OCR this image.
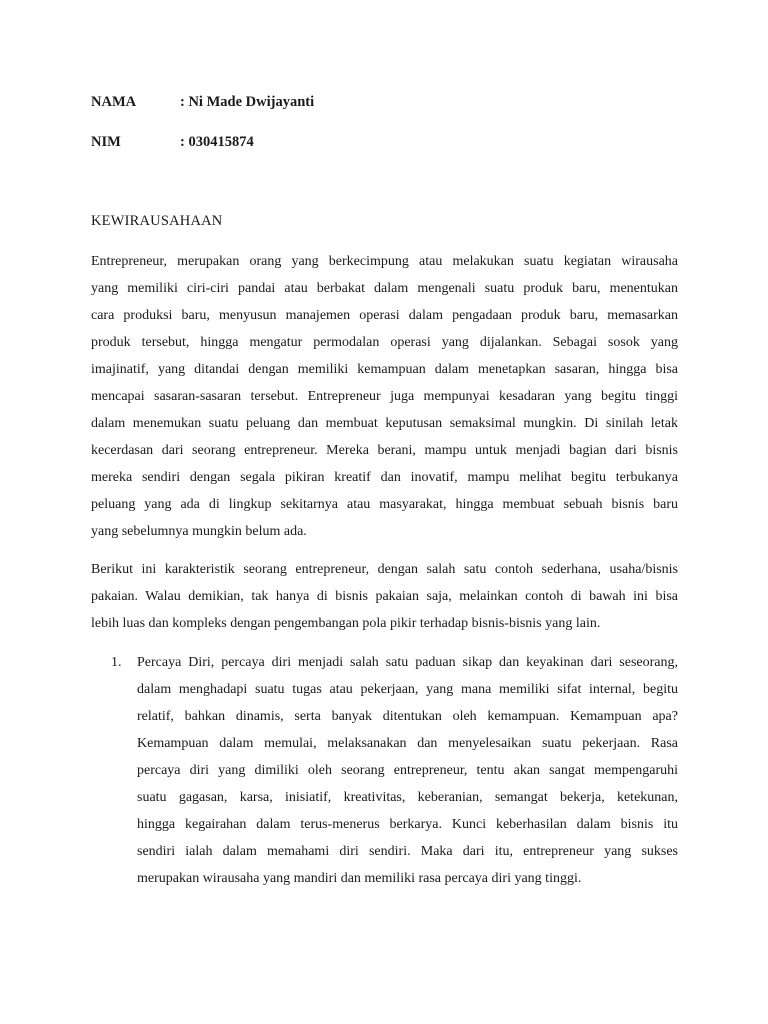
NAMA	: Ni Made Dwijayanti
NIM	: 030415874
KEWIRAUSAHAAN

Entrepreneur, merupakan orang yang berkecimpung atau melakukan suatu kegiatan wirausaha
yang memiliki ciri-ciri pandai atau berbakat dalam mengenali suatu produk baru, menentukan
cara produksi baru, menyusun manajemen operasi dalam pengadaan produk baru, memasarkan
produk tersebut, hingga mengatur permodalan operasi yang dijalankan. Sebagai sosok yang
imajinatif, yang ditandai dengan memiliki kemampuan dalam menetapkan sasaran, hingga bisa
mencapai sasaran-sasaran tersebut. Entrepreneur juga mempunyai kesadaran yang begitu tinggi
dalam menemukan suatu peluang dan membuat keputusan semaksimal mungkin. Di sinilah letak
kecerdasan dari seorang entrepreneur. Mereka berani, mampu untuk menjadi bagian dari bisnis
mereka sendiri dengan segala pikiran kreatif dan inovatif, mampu melihat begitu terbukanya
peluang yang ada di lingkup sekitarnya atau masyarakat, hingga membuat sebuah bisnis baru
yang sebelumnya mungkin belum ada.

Berikut ini karakteristik seorang entrepreneur, dengan salah satu contoh sederhana, usaha/bisnis
pakaian. Walau demikian, tak hanya di bisnis pakaian saja, melainkan contoh di bawah ini bisa
lebih luas dan kompleks dengan pengembangan pola pikir terhadap bisnis-bisnis yang lain.

1. Percaya Diri, percaya diri menjadi salah satu paduan sikap dan keyakinan dari seseorang,
dalam menghadapi suatu tugas atau pekerjaan, yang mana memiliki sifat internal, begitu
relatif, bahkan dinamis, serta banyak ditentukan oleh kemampuan. Kemampuan apa?
Kemampuan dalam memulai, melaksanakan dan menyelesaikan suatu pekerjaan. Rasa
percaya diri yang dimiliki oleh seorang entrepreneur, tentu akan sangat mempengaruhi
suatu gagasan, karsa, inisiatif, kreativitas, keberanian, semangat bekerja, ketekunan,
hingga kegairahan dalam terus-menerus berkarya. Kunci keberhasilan dalam bisnis itu
sendiri ialah dalam memahami diri sendiri. Maka dari itu, entrepreneur yang sukses
merupakan wirausaha yang mandiri dan memiliki rasa percaya diri yang tinggi.
